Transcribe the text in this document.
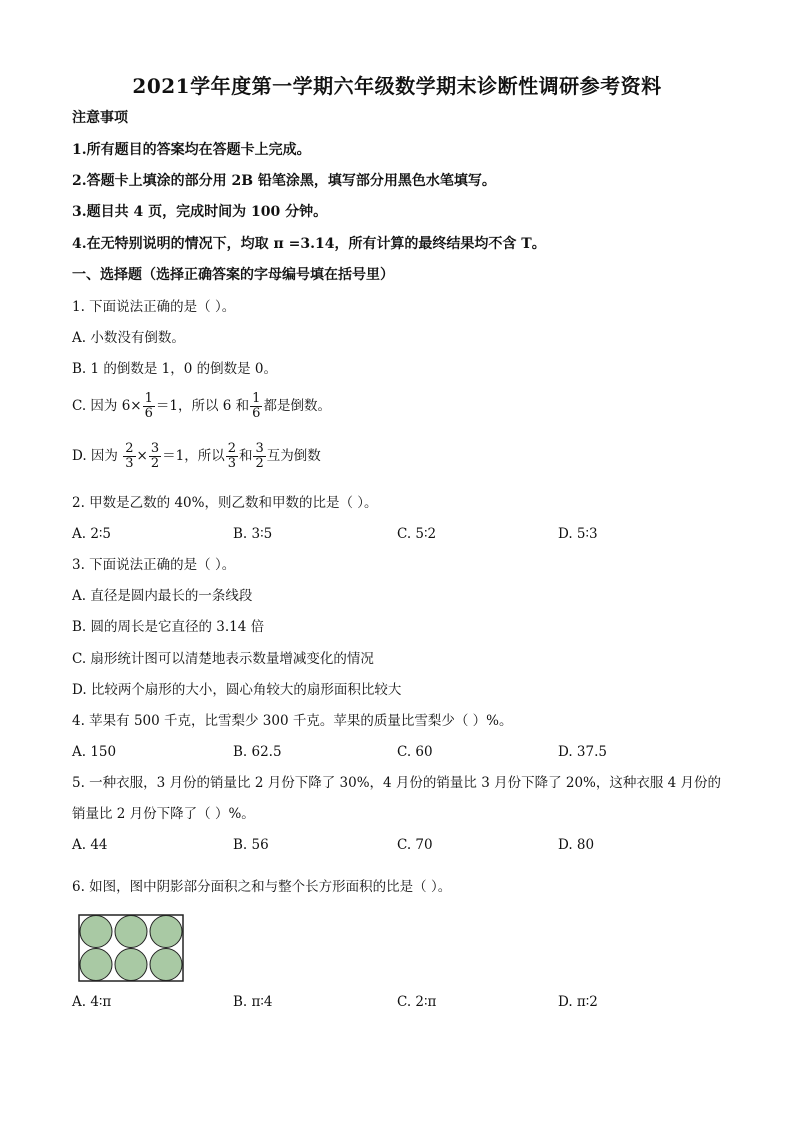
2021学年度第一学期六年级数学期末诊断性调研参考资料
注意事项
1.所有题目的答案均在答题卡上完成。
2.答题卡上填涂的部分用 2B 铅笔涂黑，填写部分用黑色水笔填写。
3.题目共 4 页，完成时间为 100 分钟。
4.在无特别说明的情况下，均取 π =3.14，所有计算的最终结果均不含 T。
一、选择题（选择正确答案的字母编号填在括号里）
1. 下面说法正确的是（ ）。
A. 小数没有倒数。
B. 1 的倒数是 1，0 的倒数是 0。
C. 因为 $6\times \frac{1}{6} =1$，所以 6 和 $\frac{1}{6}$ 都是倒数。
D. 因为 $\frac{2}{3} \times \frac{3}{2} =1$，所以 $\frac{2}{3}$ 和 $\frac{3}{2}$ 互为倒数
2. 甲数是乙数的 40%，则乙数和甲数的比是（ ）。
A. 2∶5	B. 3∶5	C. 5∶2	D. 5∶3
3. 下面说法正确的是（ ）。
A. 直径是圆内最长的一条线段
B. 圆的周长是它直径的 3.14 倍
C. 扇形统计图可以清楚地表示数量增减变化的情况
D. 比较两个扇形的大小，圆心角较大的扇形面积比较大
4. 苹果有 500 千克，比雪梨少 300 千克。苹果的质量比雪梨少（ ）%。
A. 150	B. 62.5	C. 60	D. 37.5
5. 一种衣服，3 月份的销量比 2 月份下降了 30%，4 月份的销量比 3 月份下降了 20%，这种衣服 4 月份的
销量比 2 月份下降了（ ）%。
A. 44	B. 56	C. 70	D. 80
6. 如图，图中阴影部分面积之和与整个长方形面积的比是（ ）。
A. 4∶π	B. π∶4	C. 2∶π	D. π∶2
